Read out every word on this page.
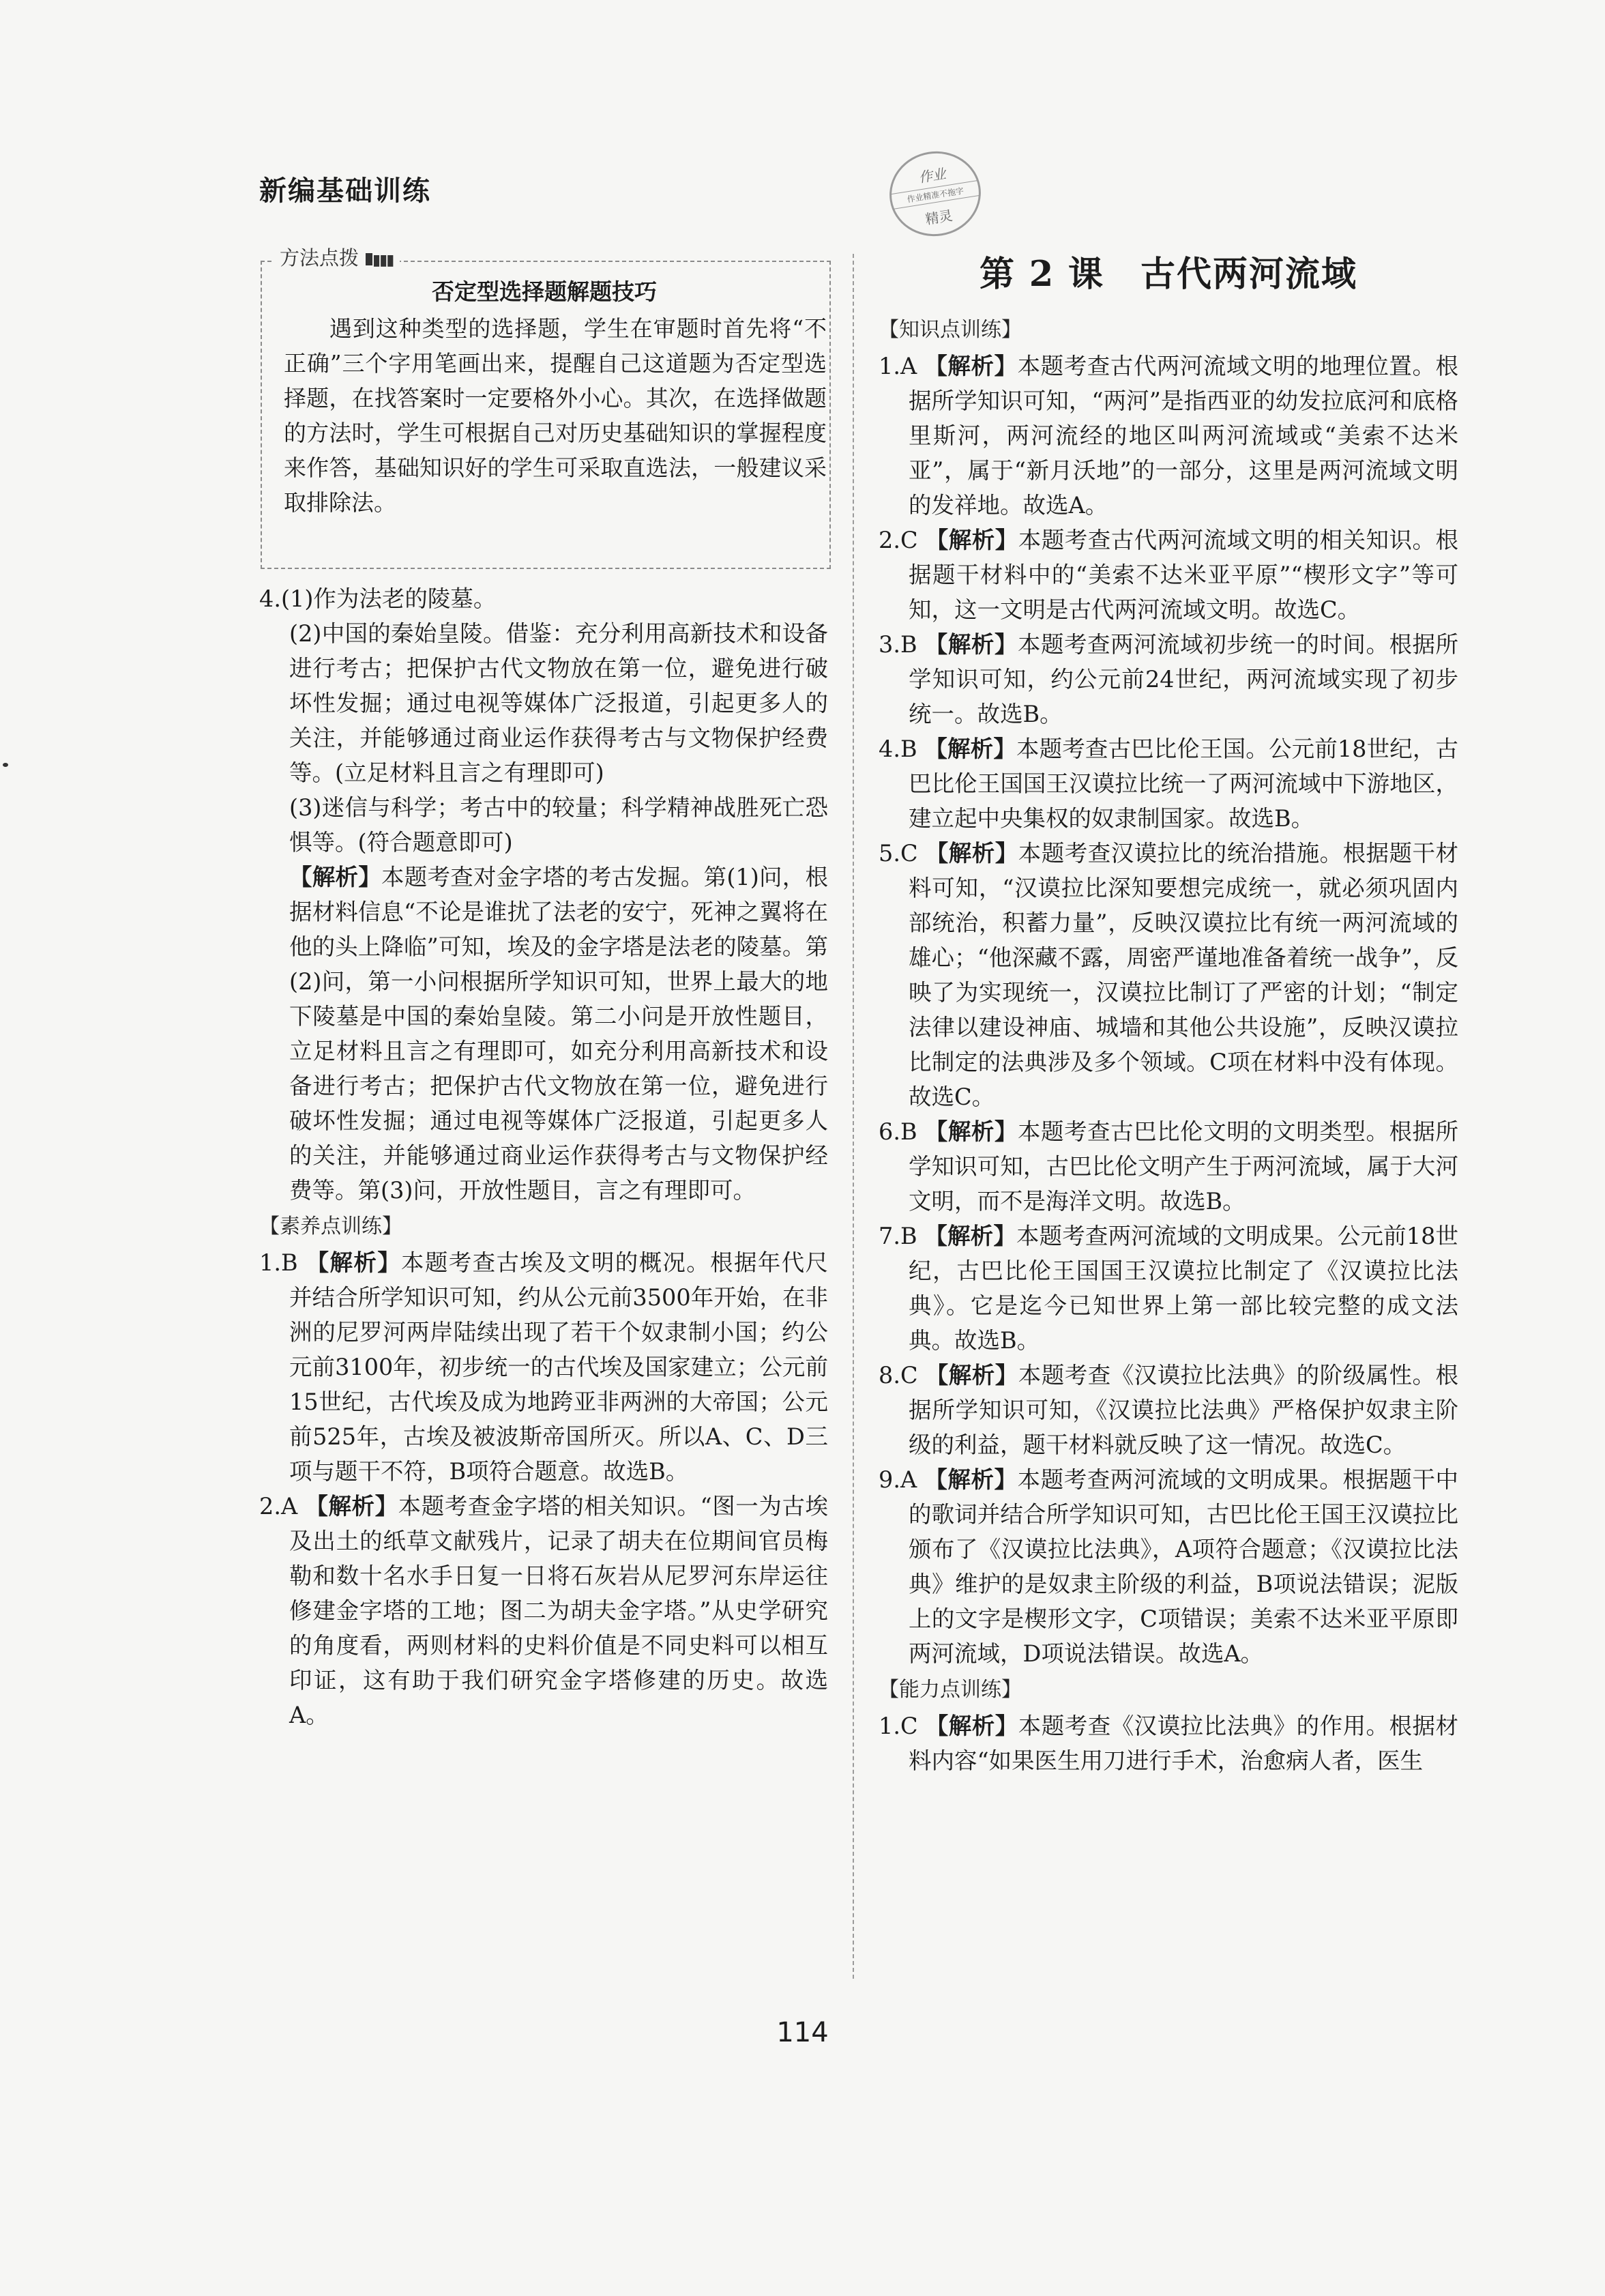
新编基础训练	作业
作业精准不拖字
精灵
方法点拨 ▮▮▮
否定型选择题解题技巧
遇到这种类型的选择题，学生在审题时首先将“不正确”三个字用笔画出来，提醒自己这道题为否定型选择题，在找答案时一定要格外小心。其次，在选择做题的方法时，学生可根据自己对历史基础知识的掌握程度来作答，基础知识好的学生可采取直选法，一般建议采取排除法。

4.(1)作为法老的陵墓。

(2)中国的秦始皇陵。借鉴：充分利用高新技术和设备进行考古；把保护古代文物放在第一位，避免进行破坏性发掘；通过电视等媒体广泛报道，引起更多人的关注，并能够通过商业运作获得考古与文物保护经费等。(立足材料且言之有理即可)

(3)迷信与科学；考古中的较量；科学精神战胜死亡恐惧等。(符合题意即可)

【 解析 】 本题考查对金字塔的考古发掘。第(1)问，根据材料信息“不论是谁扰了法老的安宁，死神之翼将在他的头上降临”可知，埃及的金字塔是法老的陵墓。第(2)问，第一小问根据所学知识可知，世界上最大的地下陵墓是中国的秦始皇陵。第二小问是开放性题目，立足材料且言之有理即可，如充分利用高新技术和设备进行考古；把保护古代文物放在第一位，避免进行破坏性发掘；通过电视等媒体广泛报道，引起更多人的关注，并能够通过商业运作获得考古与文物保护经费等。第(3)问，开放性题目，言之有理即可。

【 素养点训练 】

1.B 【 解析 】 本题考查古埃及文明的概况。根据年代尺并结合所学知识可知，约从公元前3500年开始，在非洲的尼罗河两岸陆续出现了若干个奴隶制小国；约公元前3100年，初步统一的古代埃及国家建立；公元前15世纪，古代埃及成为地跨亚非两洲的大帝国；公元前525年，古埃及被波斯帝国所灭。所以A、C、D三项与题干不符，B项符合题意。故选B。

2.A 【 解析 】 本题考查金字塔的相关知识。“图一为古埃及出土的纸草文献残片，记录了胡夫在位期间官员梅勒和数十名水手日复一日将石灰岩从尼罗河东岸运往修建金字塔的工地；图二为胡夫金字塔。”从史学研究的角度看，两则材料的史料价值是不同史料可以相互印证，这有助于我们研究金字塔修建的历史。故选A。

第 2 课　古代两河流域

【 知识点训练 】

1.A 【 解析 】 本题考查古代两河流域文明的地理位置。根据所学知识可知，“两河”是指西亚的幼发拉底河和底格里斯河，两河流经的地区叫两河流域或“美索不达米亚”，属于“新月沃地”的一部分，这里是两河流域文明的发祥地。故选A。

2.C 【 解析 】 本题考查古代两河流域文明的相关知识。根据题干材料中的“美索不达米亚平原”“楔形文字”等可知，这一文明是古代两河流域文明。故选C。

3.B 【 解析 】 本题考查两河流域初步统一的时间。根据所学知识可知，约公元前24世纪，两河流域实现了初步统一。故选B。

4.B 【 解析 】 本题考查古巴比伦王国。公元前18世纪，古巴比伦王国国王汉谟拉比统一了两河流域中下游地区，建立起中央集权的奴隶制国家。故选B。

5.C 【 解析 】 本题考查汉谟拉比的统治措施。根据题干材料可知，“汉谟拉比深知要想完成统一，就必须巩固内部统治，积蓄力量”，反映汉谟拉比有统一两河流域的雄心；“他深藏不露，周密严谨地准备着统一战争”，反映了为实现统一，汉谟拉比制订了严密的计划；“制定法律以建设神庙、城墙和其他公共设施”，反映汉谟拉比制定的法典涉及多个领域。C项在材料中没有体现。故选C。

6.B 【 解析 】 本题考查古巴比伦文明的文明类型。根据所学知识可知，古巴比伦文明产生于两河流域，属于大河文明，而不是海洋文明。故选B。

7.B 【 解析 】 本题考查两河流域的文明成果。公元前18世纪，古巴比伦王国国王汉谟拉比制定了《汉谟拉比法典》。它是迄今已知世界上第一部比较完整的成文法典。故选B。

8.C 【 解析 】 本题考查《汉谟拉比法典》的阶级属性。根据所学知识可知，《汉谟拉比法典》严格保护奴隶主阶级的利益，题干材料就反映了这一情况。故选C。

9.A 【 解析 】 本题考查两河流域的文明成果。根据题干中的歌词并结合所学知识可知，古巴比伦王国王汉谟拉比颁布了《汉谟拉比法典》，A项符合题意；《汉谟拉比法典》维护的是奴隶主阶级的利益，B项说法错误；泥版上的文字是楔形文字，C项错误；美索不达米亚平原即两河流域，D项说法错误。故选A。

【 能力点训练 】

1.C 【 解析 】 本题考查《汉谟拉比法典》的作用。根据材料内容“如果医生用刀进行手术，治愈病人者，医生

114
